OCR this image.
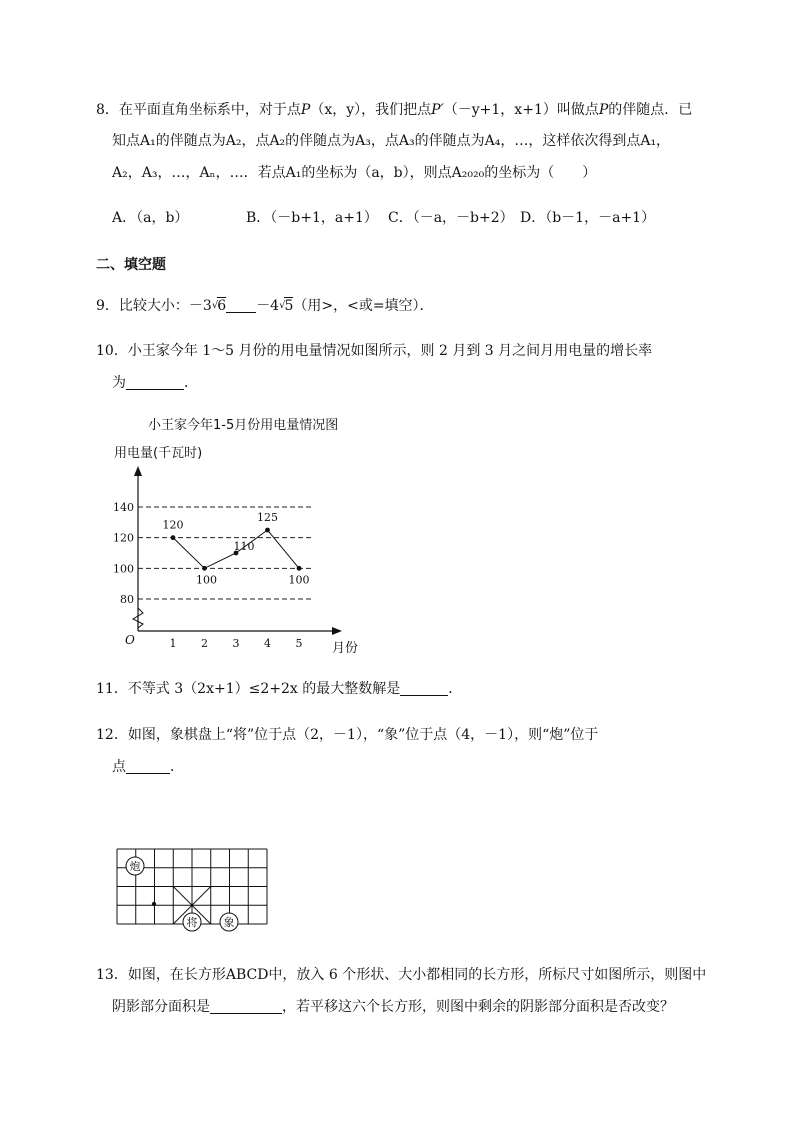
8．在平面直角坐标系中，对于点P（x，y），我们把点P′（－y+1，x+1）叫做点P的伴随点．已
知点A₁的伴随点为A₂，点A₂的伴随点为A₃，点A₃的伴随点为A₄，…，这样依次得到点A₁，
A₂，A₃，…，Aₙ，…．若点A₁的坐标为（a，b），则点A₂₀₂₀的坐标为（　　）
A．（a，b）	B．（－b+1，a+1） C．（－a，－b+2） D．（b－1，－a+1）
二、填空题
9．比较大小：－3√6 －4√5（用>，<或=填空）．
10．小王家今年 1～5 月份的用电量情况如图所示，则 2 月到 3 月之间月用电量的增长率
为	．
小王家今年1-5月份用电量情况图
用电量(千瓦时)
80
100
120
140
1 2 3 4 5
120
100
110
125
100
月份
O
11．不等式 3（2x+1）≤2+2x 的最大整数解是	．
12．如图，象棋盘上“将”位于点（2，－1），“象”位于点（4，－1），则“炮”位于
点	．
炮
将 象
13．如图，在长方形ABCD中，放入 6 个形状、大小都相同的长方形，所标尺寸如图所示，则图中
阴影部分面积是	，若平移这六个长方形，则图中剩余的阴影部分面积是否改变？
